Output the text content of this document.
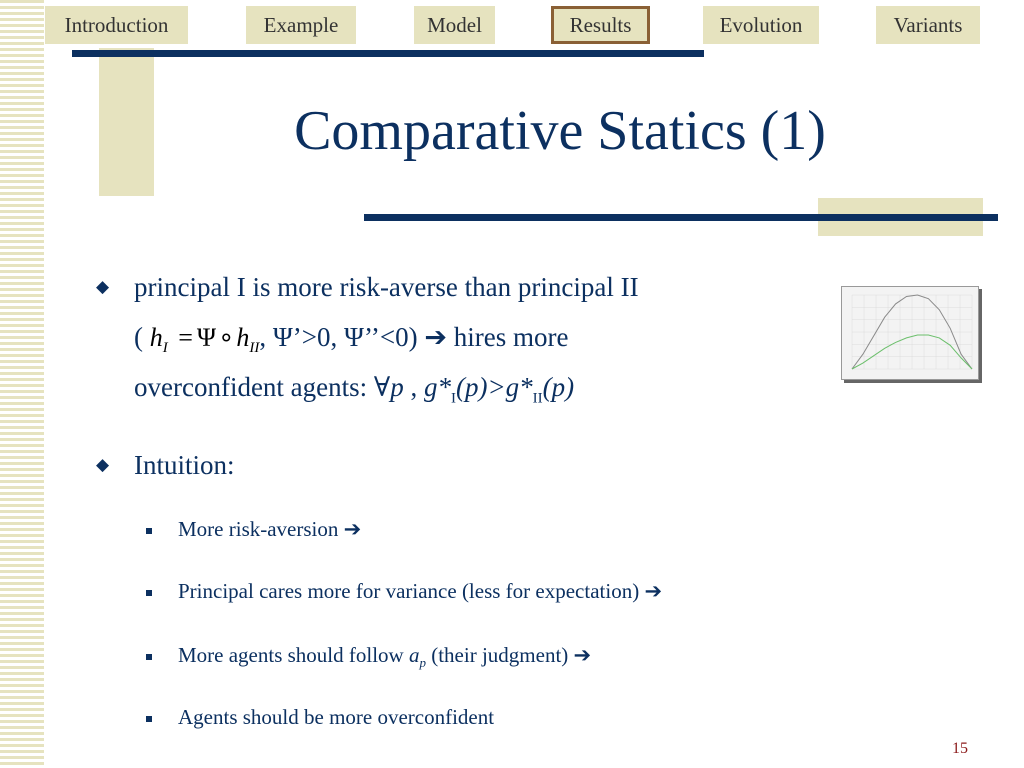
Introduction	Example	Model	Results	Evolution	Variants
Comparative Statics (1)
◆ principal I is more risk-averse than principal II
( $h_I$ = $\Psi\circ h_{II}$, Ψ’>0, Ψ’’<0) ➔ hires more
overconfident agents: ∀p , $g*_I(p)>g*_{II}(p)$
◆ Intuition:
More risk-aversion ➔
Principal cares more for variance (less for expectation) ➔
More agents should follow $a_p$ (their judgment) ➔
Agents should be more overconfident
15
